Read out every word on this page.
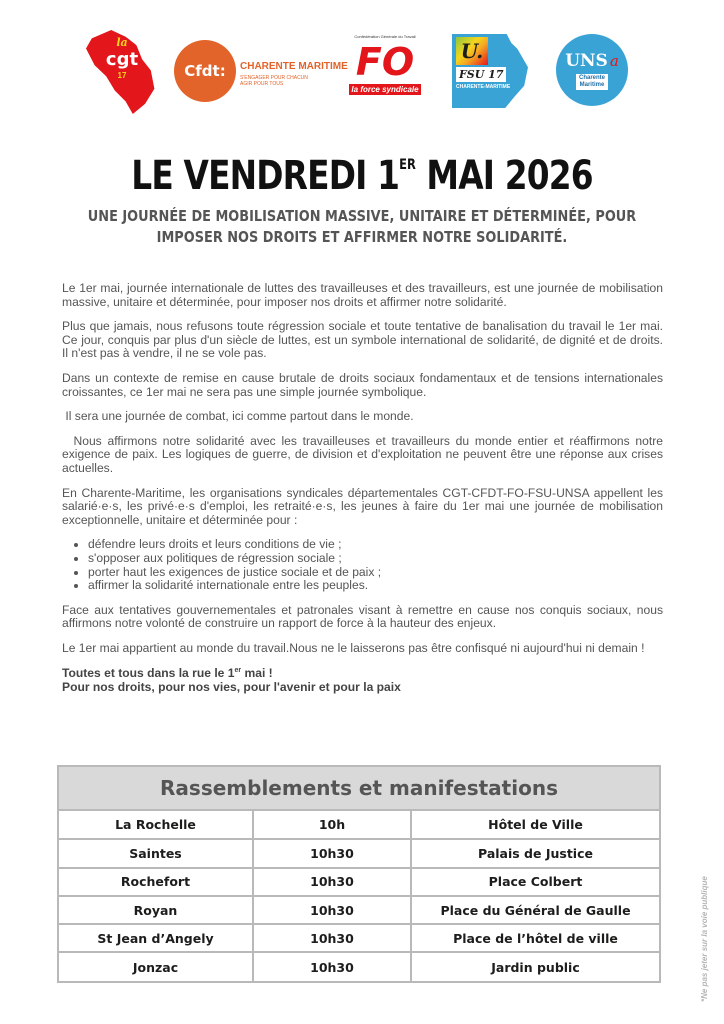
la
cgt
17	Cfdt: CHARENTE MARITIME
S'ENGAGER POUR CHACUN
AGIR POUR TOUS
Confédération Générale du Travail
FO
la force syndicale
U.
FSU 17
CHARENTE-MARITIME
UNS a
Charente
Maritime
LE VENDREDI 1ER MAI 2026
UNE JOURNÉE DE MOBILISATION MASSIVE, UNITAIRE ET DÉTERMINÉE, POUR IMPOSER NOS DROITS ET AFFIRMER NOTRE SOLIDARITÉ.

Le 1er mai, journée internationale de luttes des travailleuses et des travailleurs, est une journée de mobilisation massive, unitaire et déterminée, pour imposer nos droits et affirmer notre solidarité.

Plus que jamais, nous refusons toute régression sociale et toute tentative de banalisation du travail le 1er mai. Ce jour, conquis par plus d'un siècle de luttes, est un symbole international de solidarité, de dignité et de droits. Il n'est pas à vendre, il ne se vole pas.

Dans un contexte de remise en cause brutale de droits sociaux fondamentaux et de tensions internationales croissantes, ce 1er mai ne sera pas une simple journée symbolique.

Il sera une journée de combat, ici comme partout dans le monde.

Nous affirmons notre solidarité avec les travailleuses et travailleurs du monde entier et réaffirmons notre exigence de paix. Les logiques de guerre, de division et d'exploitation ne peuvent être une réponse aux crises actuelles.

En Charente-Maritime, les organisations syndicales départementales CGT-CFDT-FO-FSU-UNSA appellent les salarié·e·s, les privé·e·s d'emploi, les retraité·e·s, les jeunes à faire du 1er mai une journée de mobilisation exceptionnelle, unitaire et déterminée pour :

• défendre leurs droits et leurs conditions de vie ;
• s'opposer aux politiques de régression sociale ;
• porter haut les exigences de justice sociale et de paix ;
• affirmer la solidarité internationale entre les peuples.

Face aux tentatives gouvernementales et patronales visant à remettre en cause nos conquis sociaux, nous affirmons notre volonté de construire un rapport de force à la hauteur des enjeux.

Le 1er mai appartient au monde du travail.Nous ne le laisserons pas être confisqué ni aujourd'hui ni demain !

Toutes et tous dans la rue le 1er mai !
Pour nos droits, pour nos vies, pour l'avenir et pour la paix
Rassemblements et manifestations
La Rochelle	10h	Hôtel de Ville
Saintes	10h30	Palais de Justice
Rochefort	10h30	Place Colbert
Royan	10h30	Place du Général de Gaulle
St Jean d’Angely	10h30	Place de l’hôtel de ville
Jonzac	10h30	Jardin public	*Ne pas jeter sur la voie publique
